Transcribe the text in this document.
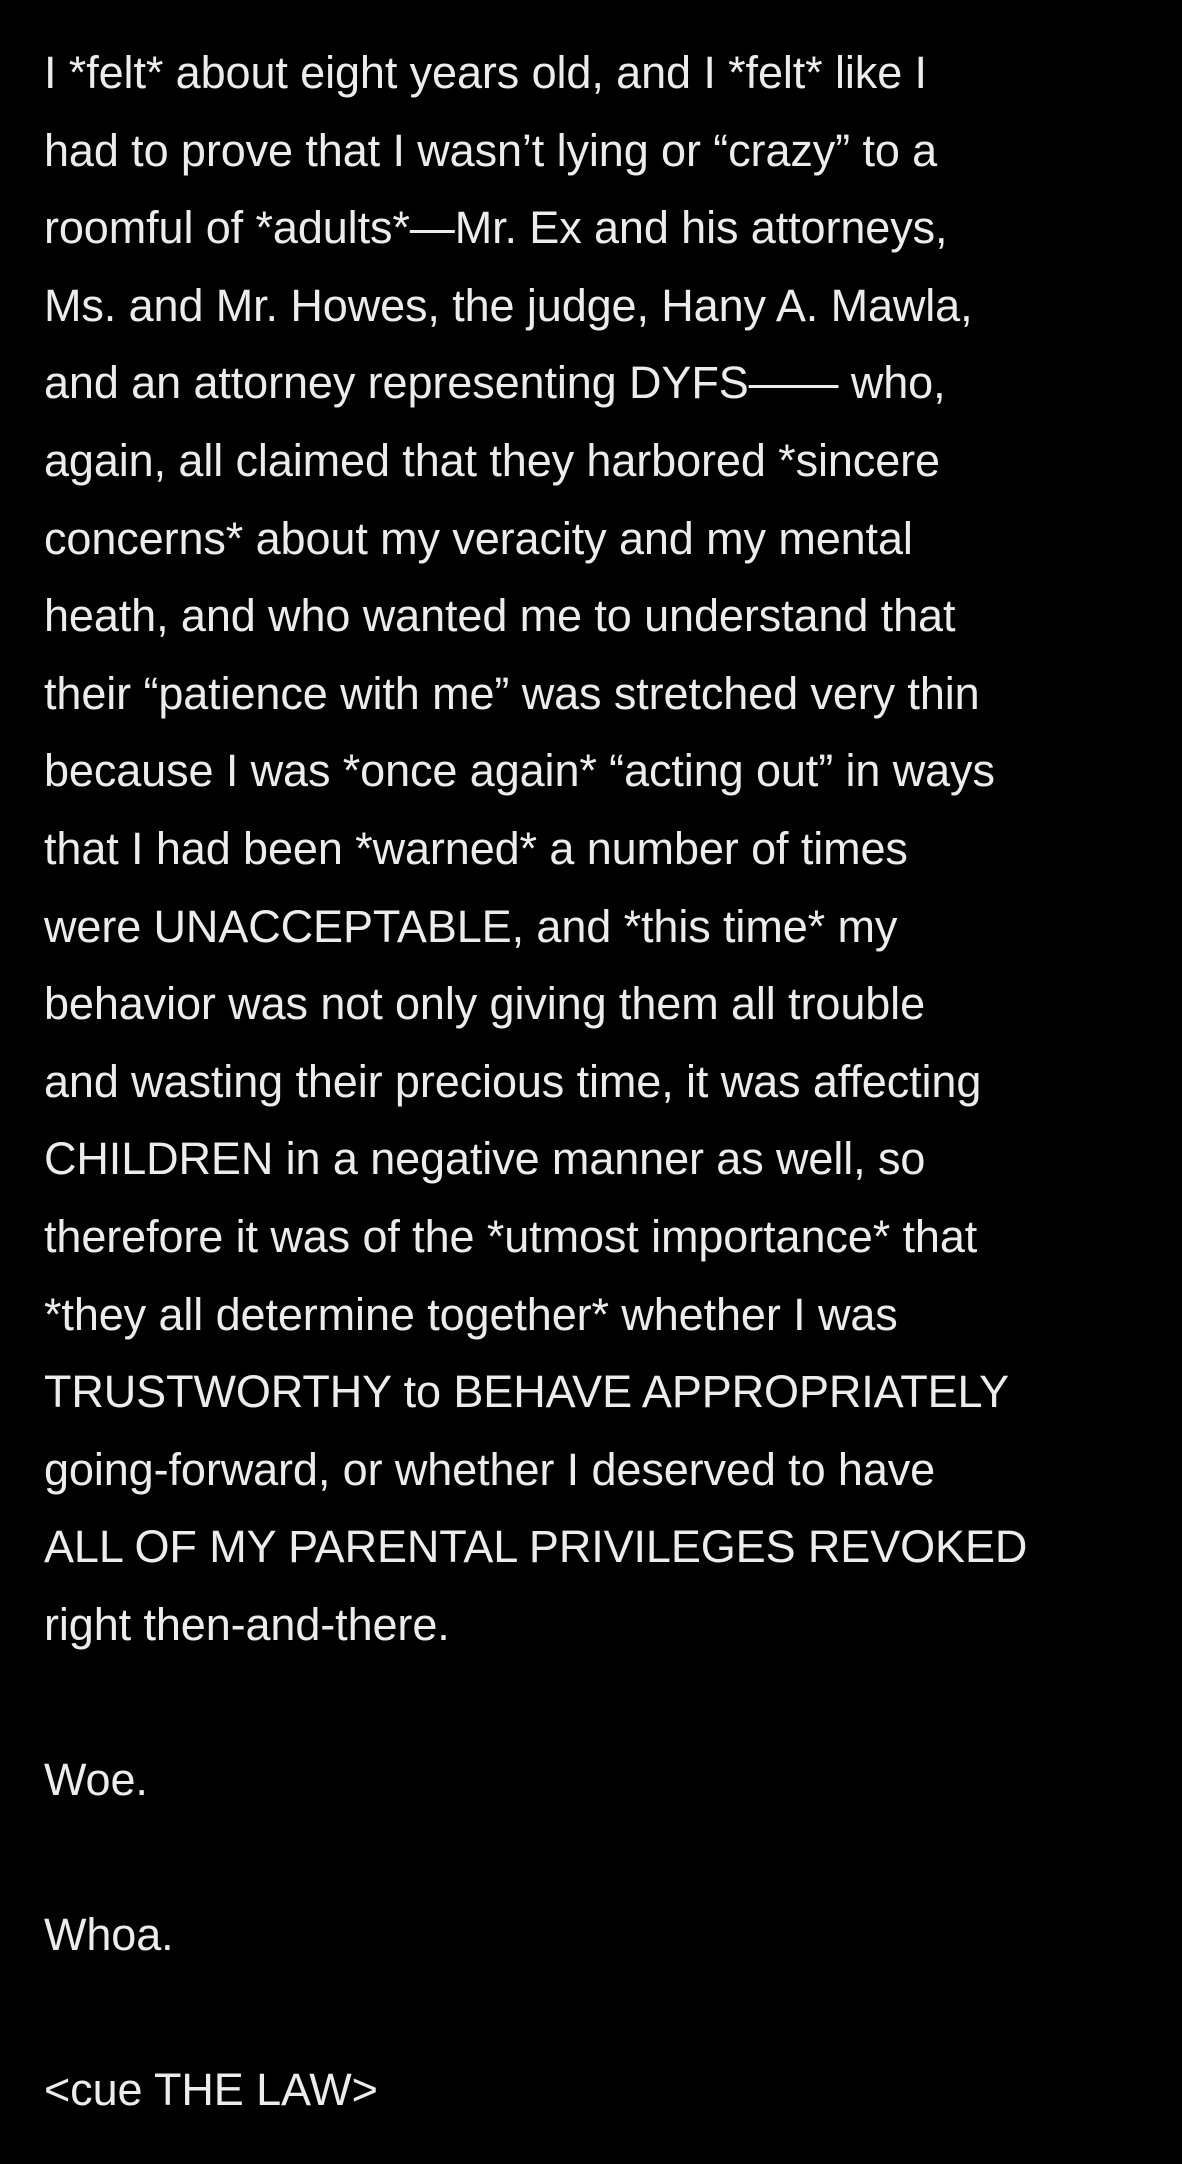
I *felt* about eight years old, and I *felt* like I
had to prove that I wasn’t lying or “crazy” to a
roomful of *adults*—Mr. Ex and his attorneys,
Ms. and Mr. Howes, the judge, Hany A. Mawla,
and an attorney representing DYFS—— who,
again, all claimed that they harbored *sincere
concerns* about my veracity and my mental
heath, and who wanted me to understand that
their “patience with me” was stretched very thin
because I was *once again* “acting out” in ways
that I had been *warned* a number of times
were UNACCEPTABLE, and *this time* my
behavior was not only giving them all trouble
and wasting their precious time, it was affecting
CHILDREN in a negative manner as well, so
therefore it was of the *utmost importance* that
*they all determine together* whether I was
TRUSTWORTHY to BEHAVE APPROPRIATELY
going-forward, or whether I deserved to have
ALL OF MY PARENTAL PRIVILEGES REVOKED
right then-and-there.
Woe.
Whoa.
<cue THE LAW>
